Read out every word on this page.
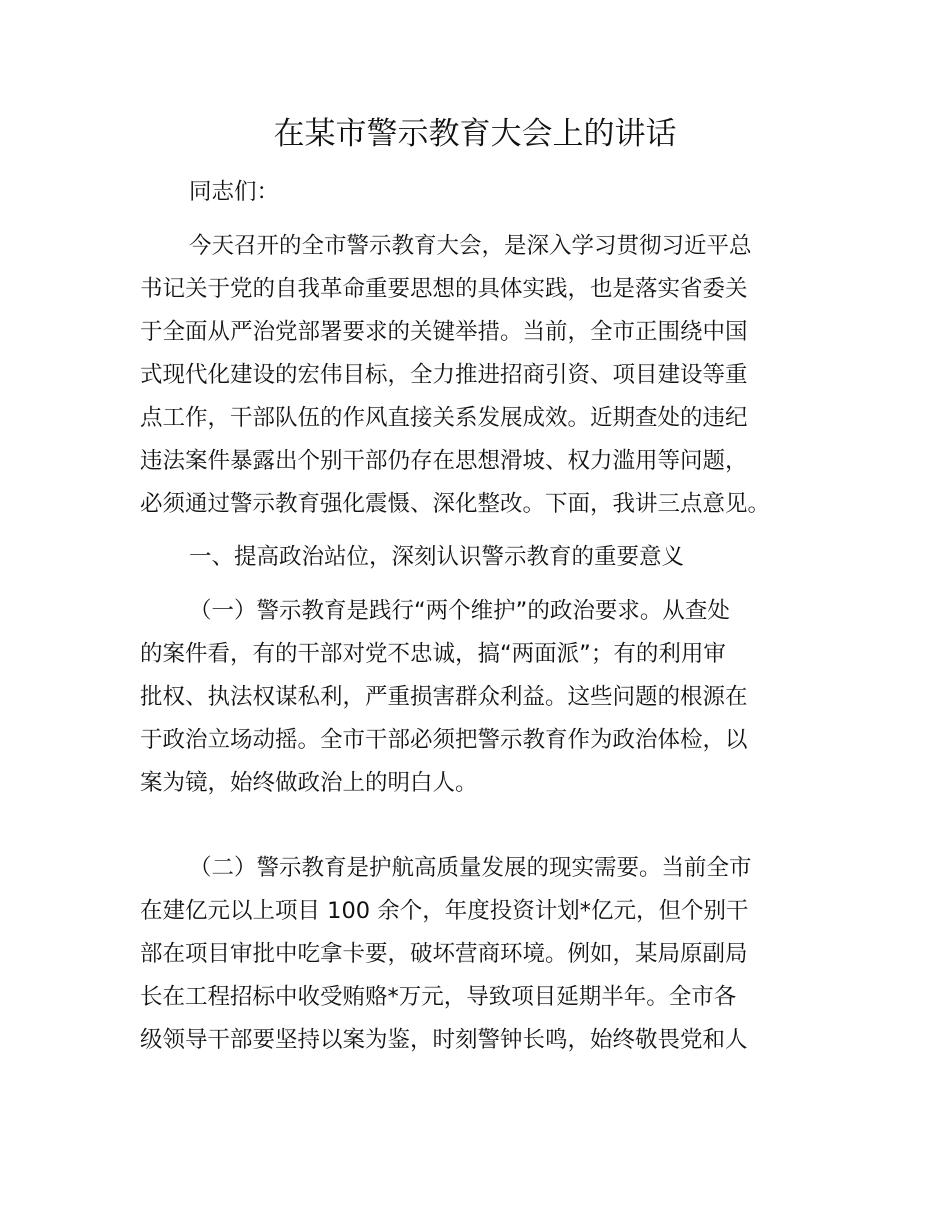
在某市警示教育大会上的讲话
同志们：
今天召开的全市警示教育大会，是深入学习贯彻习近平总
书记关于党的自我革命重要思想的具体实践，也是落实省委关
于全面从严治党部署要求的关键举措。当前，全市正围绕中国
式现代化建设的宏伟目标，全力推进招商引资、项目建设等重
点工作，干部队伍的作风直接关系发展成效。近期查处的违纪
违法案件暴露出个别干部仍存在思想滑坡、权力滥用等问题，
必须通过警示教育强化震慑、深化整改。下面，我讲三点意见。
一、提高政治站位，深刻认识警示教育的重要意义
（一）警示教育是践行“两个维护”的政治要求。从查处
的案件看，有的干部对党不忠诚，搞“两面派”；有的利用审
批权、执法权谋私利，严重损害群众利益。这些问题的根源在
于政治立场动摇。全市干部必须把警示教育作为政治体检，以
案为镜，始终做政治上的明白人。
（二）警示教育是护航高质量发展的现实需要。当前全市
在建亿元以上项目 100 余个，年度投资计划*亿元，但个别干
部在项目审批中吃拿卡要，破坏营商环境。例如，某局原副局
长在工程招标中收受贿赂*万元，导致项目延期半年。全市各
级领导干部要坚持以案为鉴，时刻警钟长鸣，始终敬畏党和人
